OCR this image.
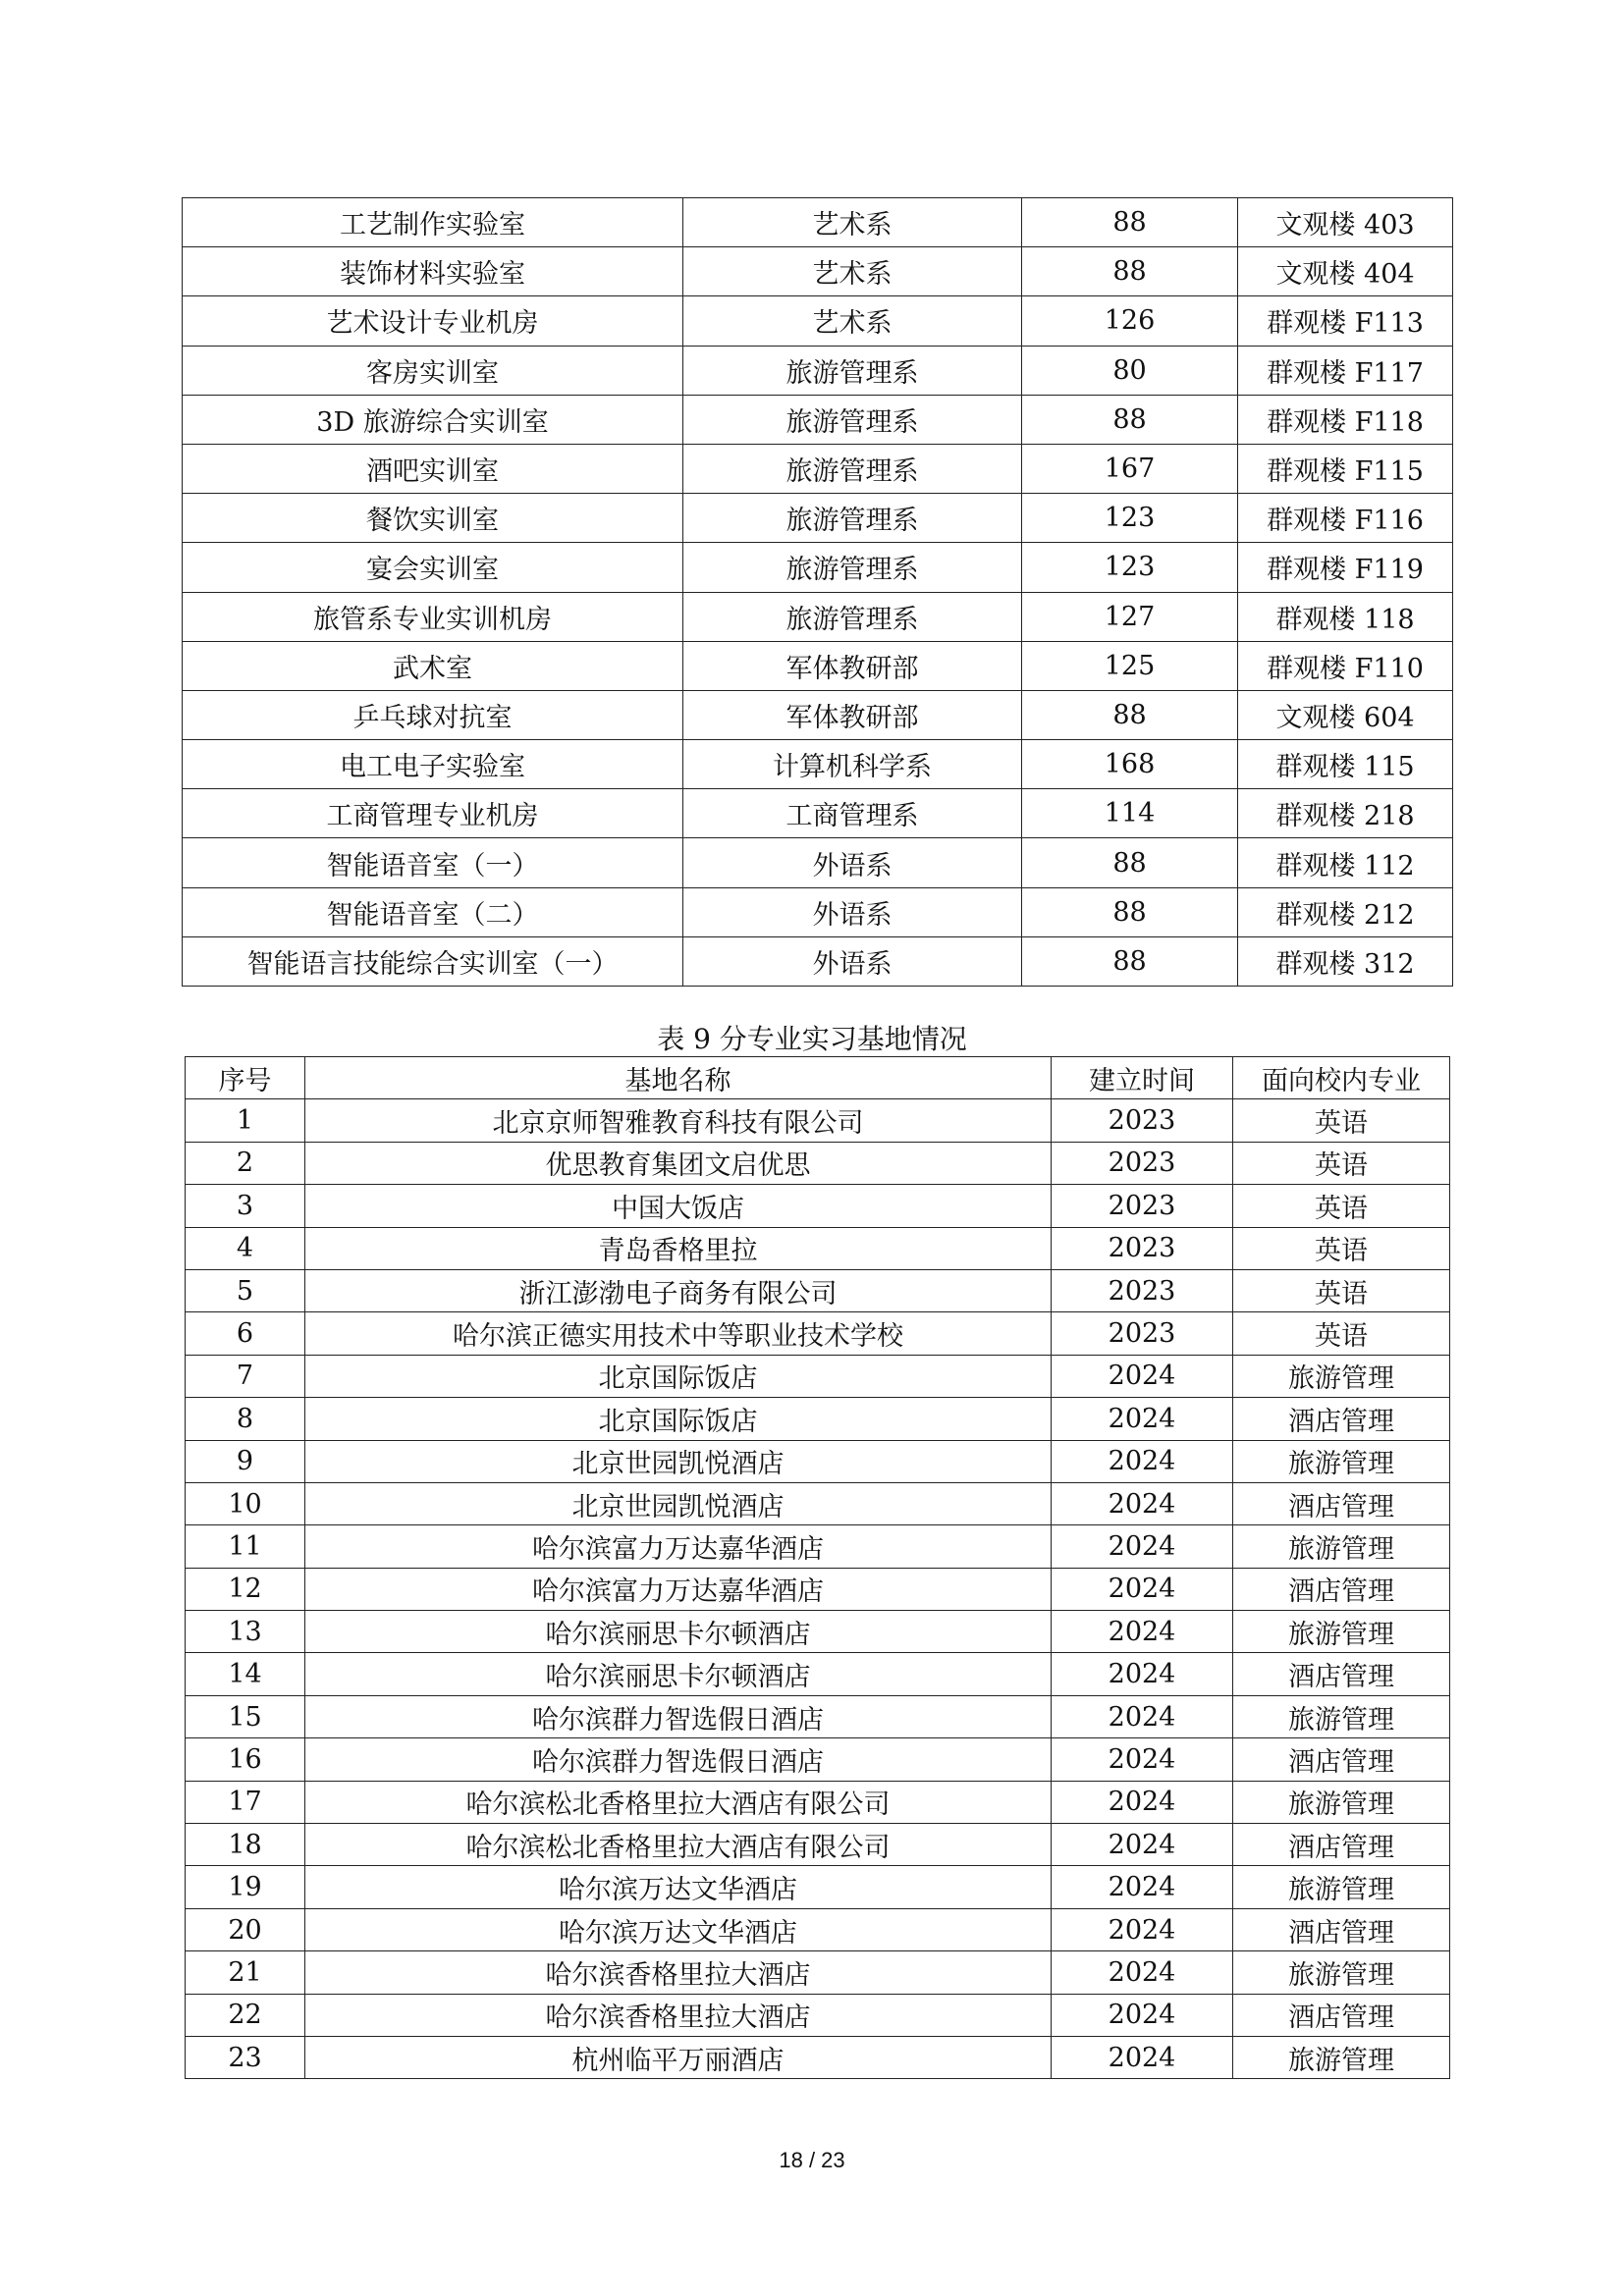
工艺制作实验室	艺术系	88	文观楼 403
装饰材料实验室	艺术系	88	文观楼 404
艺术设计专业机房	艺术系	126	群观楼 F113
客房实训室	旅游管理系	80	群观楼 F117
3D 旅游综合实训室	旅游管理系	88	群观楼 F118
酒吧实训室	旅游管理系	167	群观楼 F115
餐饮实训室	旅游管理系	123	群观楼 F116
宴会实训室	旅游管理系	123	群观楼 F119
旅管系专业实训机房	旅游管理系	127	群观楼 118
武术室	军体教研部	125	群观楼 F110
乒乓球对抗室	军体教研部	88	文观楼 604
电工电子实验室	计算机科学系	168	群观楼 115
工商管理专业机房	工商管理系	114	群观楼 218
智能语音室（一）	外语系	88	群观楼 112
智能语音室（二）	外语系	88	群观楼 212
智能语言技能综合实训室（一）	外语系	88	群观楼 312
表 9 分专业实习基地情况
序号	基地名称	建立时间	面向校内专业
1	北京京师智雅教育科技有限公司	2023	英语
2	优思教育集团文启优思	2023	英语
3	中国大饭店	2023	英语
4	青岛香格里拉	2023	英语
5	浙江澎渤电子商务有限公司	2023	英语
6	哈尔滨正德实用技术中等职业技术学校	2023	英语
7	北京国际饭店	2024	旅游管理
8	北京国际饭店	2024	酒店管理
9	北京世园凯悦酒店	2024	旅游管理
10	北京世园凯悦酒店	2024	酒店管理
11	哈尔滨富力万达嘉华酒店	2024	旅游管理
12	哈尔滨富力万达嘉华酒店	2024	酒店管理
13	哈尔滨丽思卡尔顿酒店	2024	旅游管理
14	哈尔滨丽思卡尔顿酒店	2024	酒店管理
15	哈尔滨群力智选假日酒店	2024	旅游管理
16	哈尔滨群力智选假日酒店	2024	酒店管理
17	哈尔滨松北香格里拉大酒店有限公司	2024	旅游管理
18	哈尔滨松北香格里拉大酒店有限公司	2024	酒店管理
19	哈尔滨万达文华酒店	2024	旅游管理
20	哈尔滨万达文华酒店	2024	酒店管理
21	哈尔滨香格里拉大酒店	2024	旅游管理
22	哈尔滨香格里拉大酒店	2024	酒店管理
23	杭州临平万丽酒店	2024	旅游管理
18 / 23
